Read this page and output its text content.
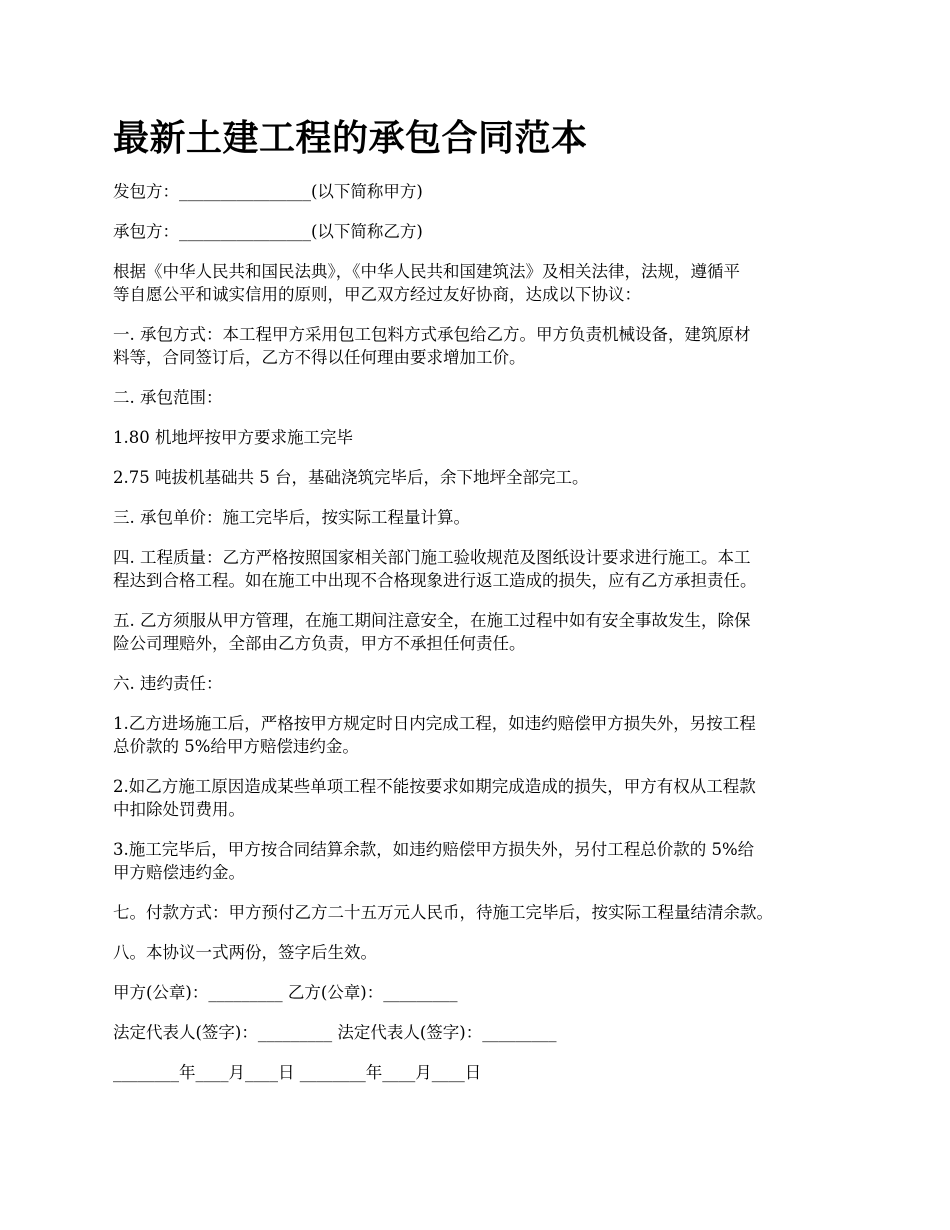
最新土建工程的承包合同范本

发包方：________________(以下简称甲方)

承包方：________________(以下简称乙方)

根据《中华人民共和国民法典》，《中华人民共和国建筑法》及相关法律，法规，遵循平
等自愿公平和诚实信用的原则，甲乙双方经过友好协商，达成以下协议：

一. 承包方式：本工程甲方采用包工包料方式承包给乙方。甲方负责机械设备，建筑原材
料等，合同签订后，乙方不得以任何理由要求增加工价。

二. 承包范围：

1.80 机地坪按甲方要求施工完毕

2.75 吨拔机基础共 5 台，基础浇筑完毕后，余下地坪全部完工。

三. 承包单价：施工完毕后，按实际工程量计算。

四. 工程质量：乙方严格按照国家相关部门施工验收规范及图纸设计要求进行施工。本工
程达到合格工程。如在施工中出现不合格现象进行返工造成的损失，应有乙方承担责任。

五. 乙方须服从甲方管理，在施工期间注意安全，在施工过程中如有安全事故发生，除保
险公司理赔外，全部由乙方负责，甲方不承担任何责任。

六. 违约责任：

1.乙方进场施工后，严格按甲方规定时日内完成工程，如违约赔偿甲方损失外，另按工程
总价款的 5%给甲方赔偿违约金。

2.如乙方施工原因造成某些单项工程不能按要求如期完成造成的损失，甲方有权从工程款
中扣除处罚费用。

3.施工完毕后，甲方按合同结算余款，如违约赔偿甲方损失外，另付工程总价款的 5%给
甲方赔偿违约金。

七。付款方式：甲方预付乙方二十五万元人民币，待施工完毕后，按实际工程量结清余款。

八。本协议一式两份，签字后生效。

甲方(公章)：_________ 乙方(公章)：_________

法定代表人(签字)：_________ 法定代表人(签字)：_________

________年____月____日 ________年____月____日
